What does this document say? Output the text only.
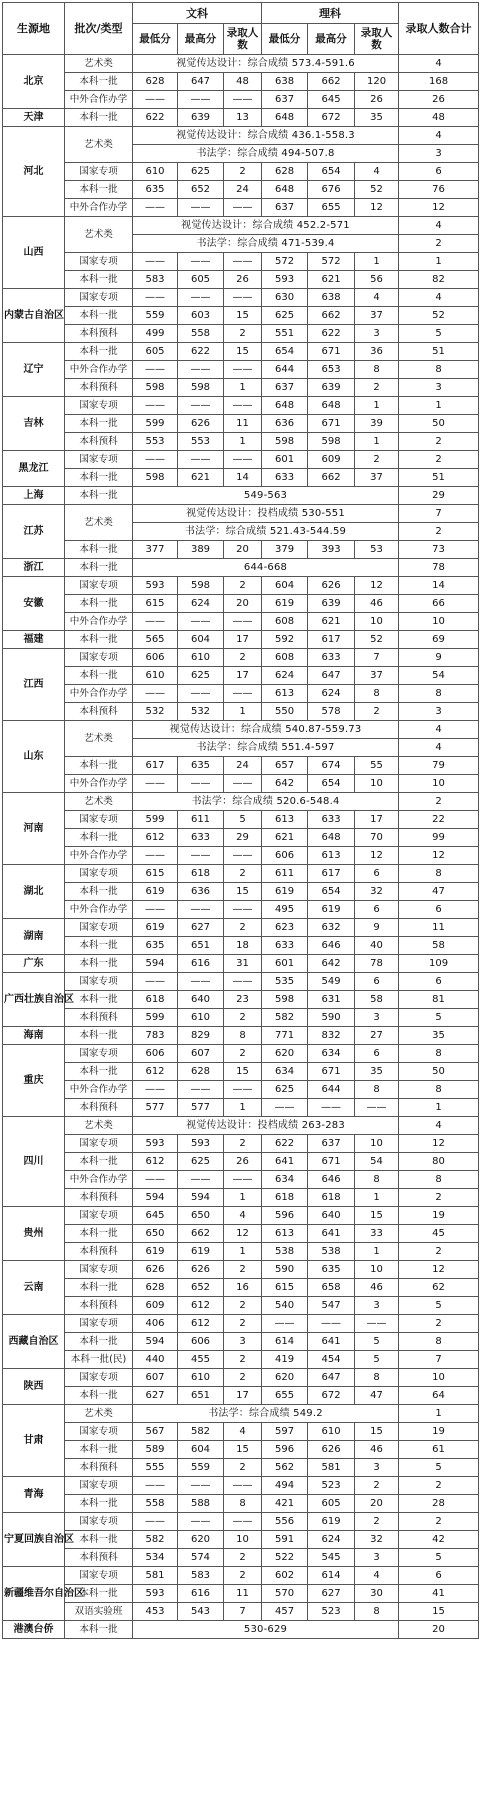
生源地	批次/类型	文科			理科			录取人数合计
		最低分	最高分	录取人数	最低分	最高分	录取人数	
北京	艺术类	视觉传达设计：综合成绩 573.4-591.6						4
	本科一批	628	647	48	638	662	120	168
	中外合作办学	——	——	——	637	645	26	26
天津	本科一批	622	639	13	648	672	35	48
河北	艺术类	视觉传达设计：综合成绩 436.1-558.3						4
		书法学：综合成绩 494-507.8						3
	国家专项	610	625	2	628	654	4	6
	本科一批	635	652	24	648	676	52	76
	中外合作办学	——	——	——	637	655	12	12
山西	艺术类	视觉传达设计：综合成绩 452.2-571						4
		书法学：综合成绩 471-539.4						2
	国家专项	——	——	——	572	572	1	1
	本科一批	583	605	26	593	621	56	82
内蒙古自治区	国家专项	——	——	——	630	638	4	4
	本科一批	559	603	15	625	662	37	52
	本科预科	499	558	2	551	622	3	5
辽宁	本科一批	605	622	15	654	671	36	51
	中外合作办学	——	——	——	644	653	8	8
	本科预科	598	598	1	637	639	2	3
吉林	国家专项	——	——	——	648	648	1	1
	本科一批	599	626	11	636	671	39	50
	本科预科	553	553	1	598	598	1	2
黑龙江	国家专项	——	——	——	601	609	2	2
	本科一批	598	621	14	633	662	37	51
上海	本科一批	549-563						29
江苏	艺术类	视觉传达设计：投档成绩 530-551						7
		书法学：综合成绩 521.43-544.59						2
	本科一批	377	389	20	379	393	53	73
浙江	本科一批	644-668						78
安徽	国家专项	593	598	2	604	626	12	14
	本科一批	615	624	20	619	639	46	66
	中外合作办学	——	——	——	608	621	10	10
福建	本科一批	565	604	17	592	617	52	69
江西	国家专项	606	610	2	608	633	7	9
	本科一批	610	625	17	624	647	37	54
	中外合作办学	——	——	——	613	624	8	8
	本科预科	532	532	1	550	578	2	3
山东	艺术类	视觉传达设计：综合成绩 540.87-559.73						4
		书法学：综合成绩 551.4-597						4
	本科一批	617	635	24	657	674	55	79
	中外合作办学	——	——	——	642	654	10	10
河南	艺术类	书法学：综合成绩 520.6-548.4						2
	国家专项	599	611	5	613	633	17	22
	本科一批	612	633	29	621	648	70	99
	中外合作办学	——	——	——	606	613	12	12
湖北	国家专项	615	618	2	611	617	6	8
	本科一批	619	636	15	619	654	32	47
	中外合作办学	——	——	——	495	619	6	6
湖南	国家专项	619	627	2	623	632	9	11
	本科一批	635	651	18	633	646	40	58
广东	本科一批	594	616	31	601	642	78	109
广西壮族自治区	国家专项	——	——	——	535	549	6	6
	本科一批	618	640	23	598	631	58	81
	本科预科	599	610	2	582	590	3	5
海南	本科一批	783	829	8	771	832	27	35
重庆	国家专项	606	607	2	620	634	6	8
	本科一批	612	628	15	634	671	35	50
	中外合作办学	——	——	——	625	644	8	8
	本科预科	577	577	1	——	——	——	1
四川	艺术类	视觉传达设计：投档成绩 263-283						4
	国家专项	593	593	2	622	637	10	12
	本科一批	612	625	26	641	671	54	80
	中外合作办学	——	——	——	634	646	8	8
	本科预科	594	594	1	618	618	1	2
贵州	国家专项	645	650	4	596	640	15	19
	本科一批	650	662	12	613	641	33	45
	本科预科	619	619	1	538	538	1	2
云南	国家专项	626	626	2	590	635	10	12
	本科一批	628	652	16	615	658	46	62
	本科预科	609	612	2	540	547	3	5
西藏自治区	国家专项	406	612	2	——	——	——	2
	本科一批	594	606	3	614	641	5	8
	本科一批(民)	440	455	2	419	454	5	7
陕西	国家专项	607	610	2	620	647	8	10
	本科一批	627	651	17	655	672	47	64
甘肃	艺术类	书法学：综合成绩 549.2						1
	国家专项	567	582	4	597	610	15	19
	本科一批	589	604	15	596	626	46	61
	本科预科	555	559	2	562	581	3	5
青海	国家专项	——	——	——	494	523	2	2
	本科一批	558	588	8	421	605	20	28
宁夏回族自治区	国家专项	——	——	——	556	619	2	2
	本科一批	582	620	10	591	624	32	42
	本科预科	534	574	2	522	545	3	5
新疆维吾尔自治区	国家专项	581	583	2	602	614	4	6
	本科一批	593	616	11	570	627	30	41
	双语实验班	453	543	7	457	523	8	15
港澳台侨	本科一批	530-629						20
